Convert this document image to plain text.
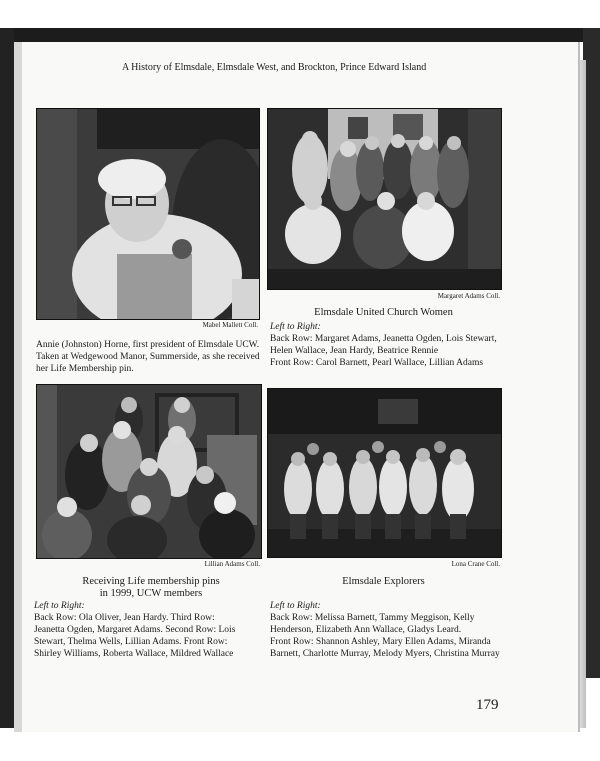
A History of Elmsdale, Elmsdale West, and Brockton, Prince Edward Island
Mabel Mallett Coll.
Annie (Johnston) Horne, first president of Elmsdale UCW.
Taken at Wedgewood Manor, Summerside, as she received
her Life Membership pin.
Margaret Adams Coll.
Elmsdale United Church Women
Left to Right:
Back Row: Margaret Adams, Jeanetta Ogden, Lois Stewart,
Helen Wallace, Jean Hardy, Beatrice Rennie
Front Row: Carol Barnett, Pearl Wallace, Lillian Adams
Lillian Adams Coll.
Receiving Life membership pins
in 1999, UCW members
Left to Right:
Back Row: Ola Oliver, Jean Hardy. Third Row:
Jeanetta Ogden, Margaret Adams. Second Row: Lois
Stewart, Thelma Wells, Lillian Adams. Front Row:
Shirley Williams, Roberta Wallace, Mildred Wallace
Lona Crane Coll.
Elmsdale Explorers
Left to Right:
Back Row: Melissa Barnett, Tammy Meggison, Kelly
Henderson, Elizabeth Ann Wallace, Gladys Leard.
Front Row: Shannon Ashley, Mary Ellen Adams, Miranda
Barnett, Charlotte Murray, Melody Myers, Christina Murray
179
